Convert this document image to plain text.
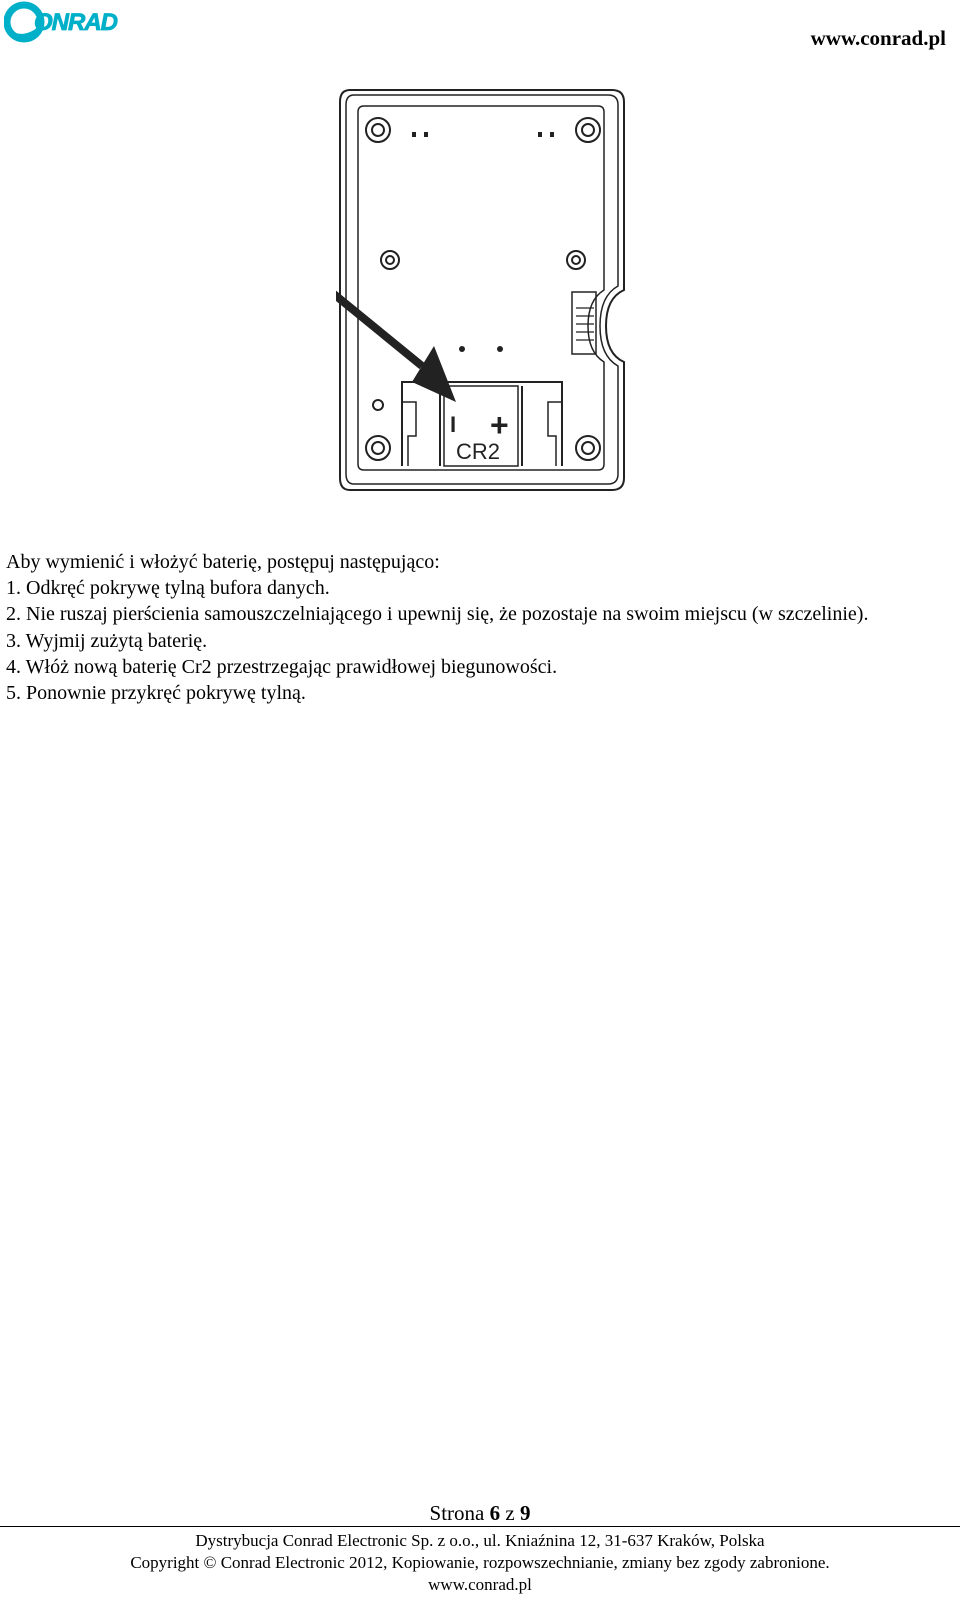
ONRAD
www.conrad.pl
I +
CR2

Aby wymienić i włożyć baterię, postępuj następująco:

1. Odkręć pokrywę tylną bufora danych.

2. Nie ruszaj pierścienia samouszczelniającego i upewnij się, że pozostaje na swoim miejscu (w szczelinie).

3. Wyjmij zużytą baterię.

4. Włóż nową baterię Cr2 przestrzegając prawidłowej biegunowości.

5. Ponownie przykręć pokrywę tylną.

Strona 6 z 9

Dystrybucja Conrad Electronic Sp. z o.o., ul. Kniaźnina 12, 31-637 Kraków, Polska

Copyright © Conrad Electronic 2012, Kopiowanie, rozpowszechnianie, zmiany bez zgody zabronione.

www.conrad.pl
